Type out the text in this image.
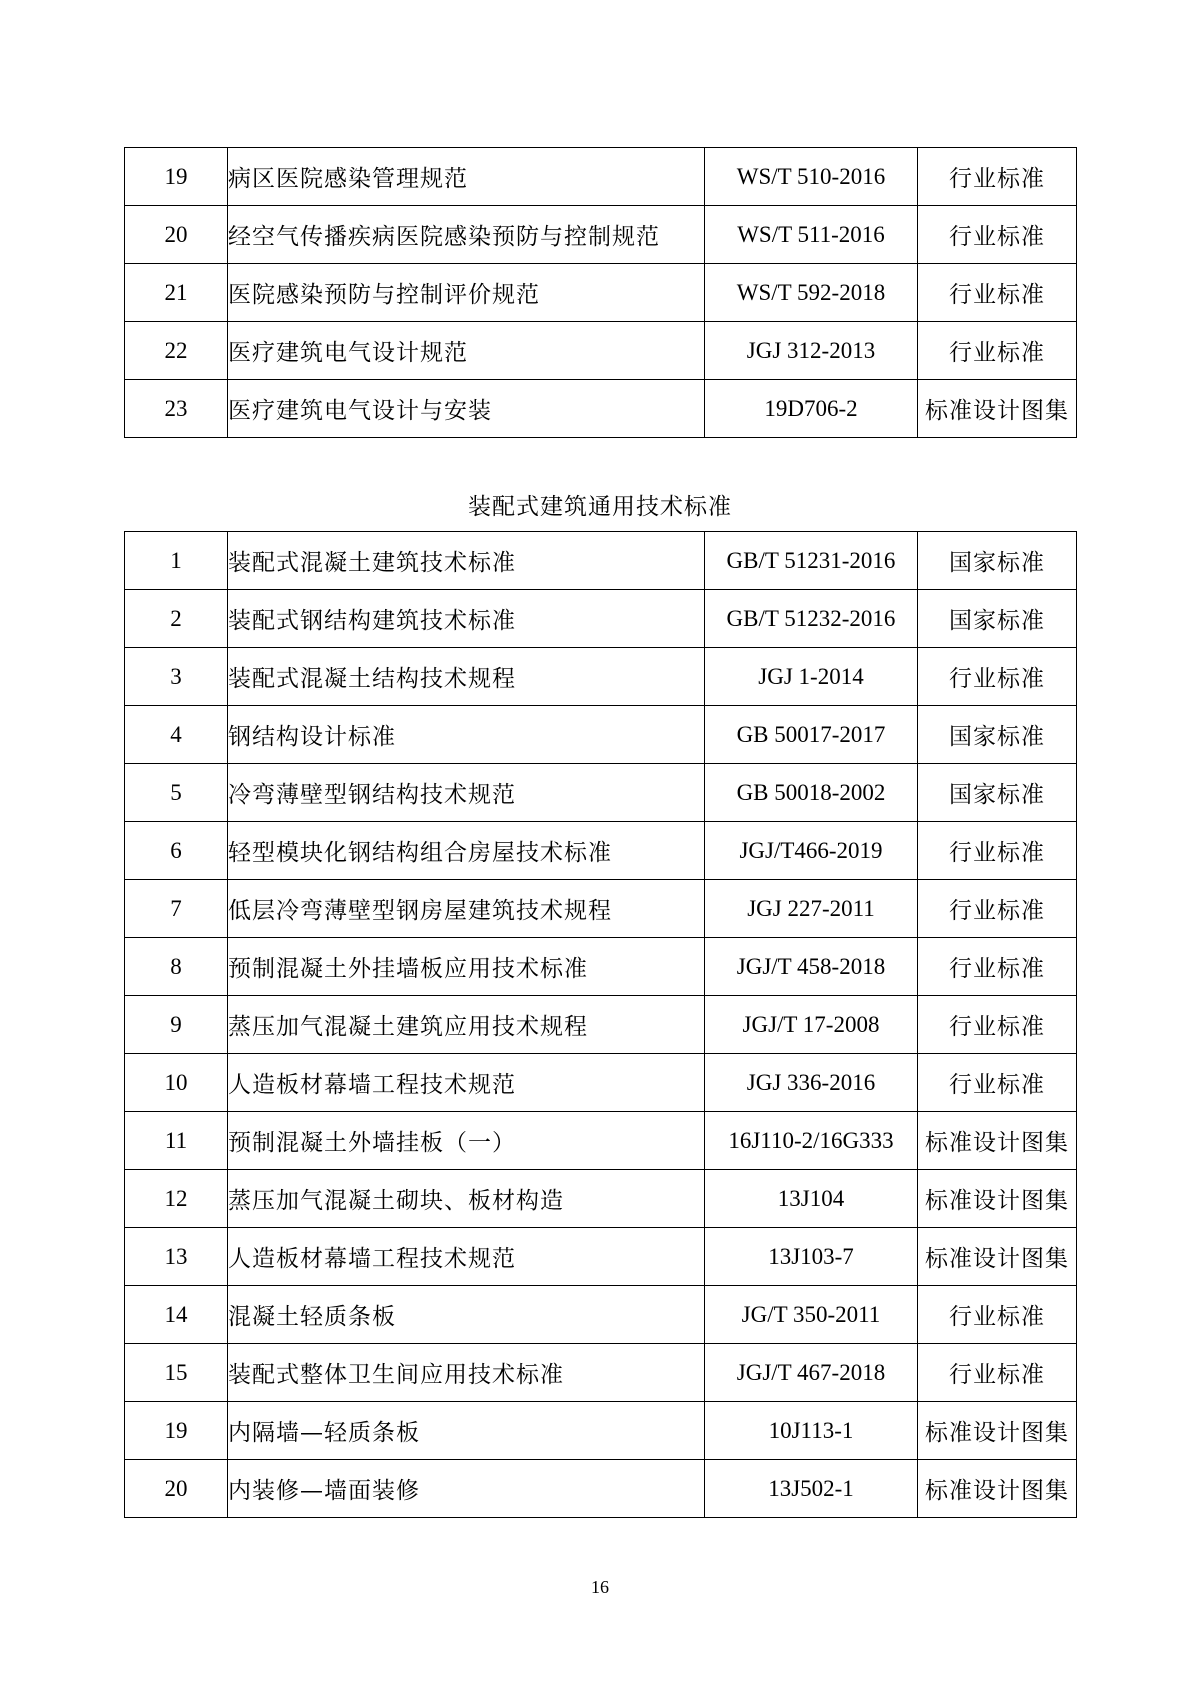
19	病区医院感染管理规范	WS/T 510-2016	行业标准
20	经空气传播疾病医院感染预防与控制规范	WS/T 511-2016	行业标准
21	医院感染预防与控制评价规范	WS/T 592-2018	行业标准
22	医疗建筑电气设计规范	JGJ 312-2013	行业标准
23	医疗建筑电气设计与安装	19D706-2	标准设计图集
装配式建筑通用技术标准
1	装配式混凝土建筑技术标准	GB/T 51231-2016	国家标准
2	装配式钢结构建筑技术标准	GB/T 51232-2016	国家标准
3	装配式混凝土结构技术规程	JGJ 1-2014	行业标准
4	钢结构设计标准	GB 50017-2017	国家标准
5	冷弯薄壁型钢结构技术规范	GB 50018-2002	国家标准
6	轻型模块化钢结构组合房屋技术标准	JGJ/T466-2019	行业标准
7	低层冷弯薄壁型钢房屋建筑技术规程	JGJ 227-2011	行业标准
8	预制混凝土外挂墙板应用技术标准	JGJ/T 458-2018	行业标准
9	蒸压加气混凝土建筑应用技术规程	JGJ/T 17-2008	行业标准
10	人造板材幕墙工程技术规范	JGJ 336-2016	行业标准
11	预制混凝土外墙挂板（一）	16J110-2/16G333	标准设计图集
12	蒸压加气混凝土砌块、板材构造	13J104	标准设计图集
13	人造板材幕墙工程技术规范	13J103-7	标准设计图集
14	混凝土轻质条板	JG/T 350-2011	行业标准
15	装配式整体卫生间应用技术标准	JGJ/T 467-2018	行业标准
19	内隔墙—轻质条板	10J113-1	标准设计图集
20	内装修—墙面装修	13J502-1	标准设计图集
16
